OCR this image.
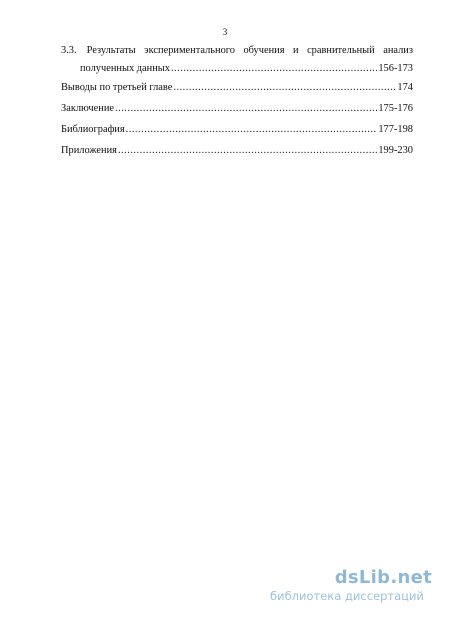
3
3.3. Результаты экспериментального обучения и сравнительный анализ
полученных данных .....	156-173
Выводы по третьей главе .....	174
Заключение .....	175-176
Библиография .....	177-198
Приложения .....	199-230
dsLib.net
библиотека диссертаций
